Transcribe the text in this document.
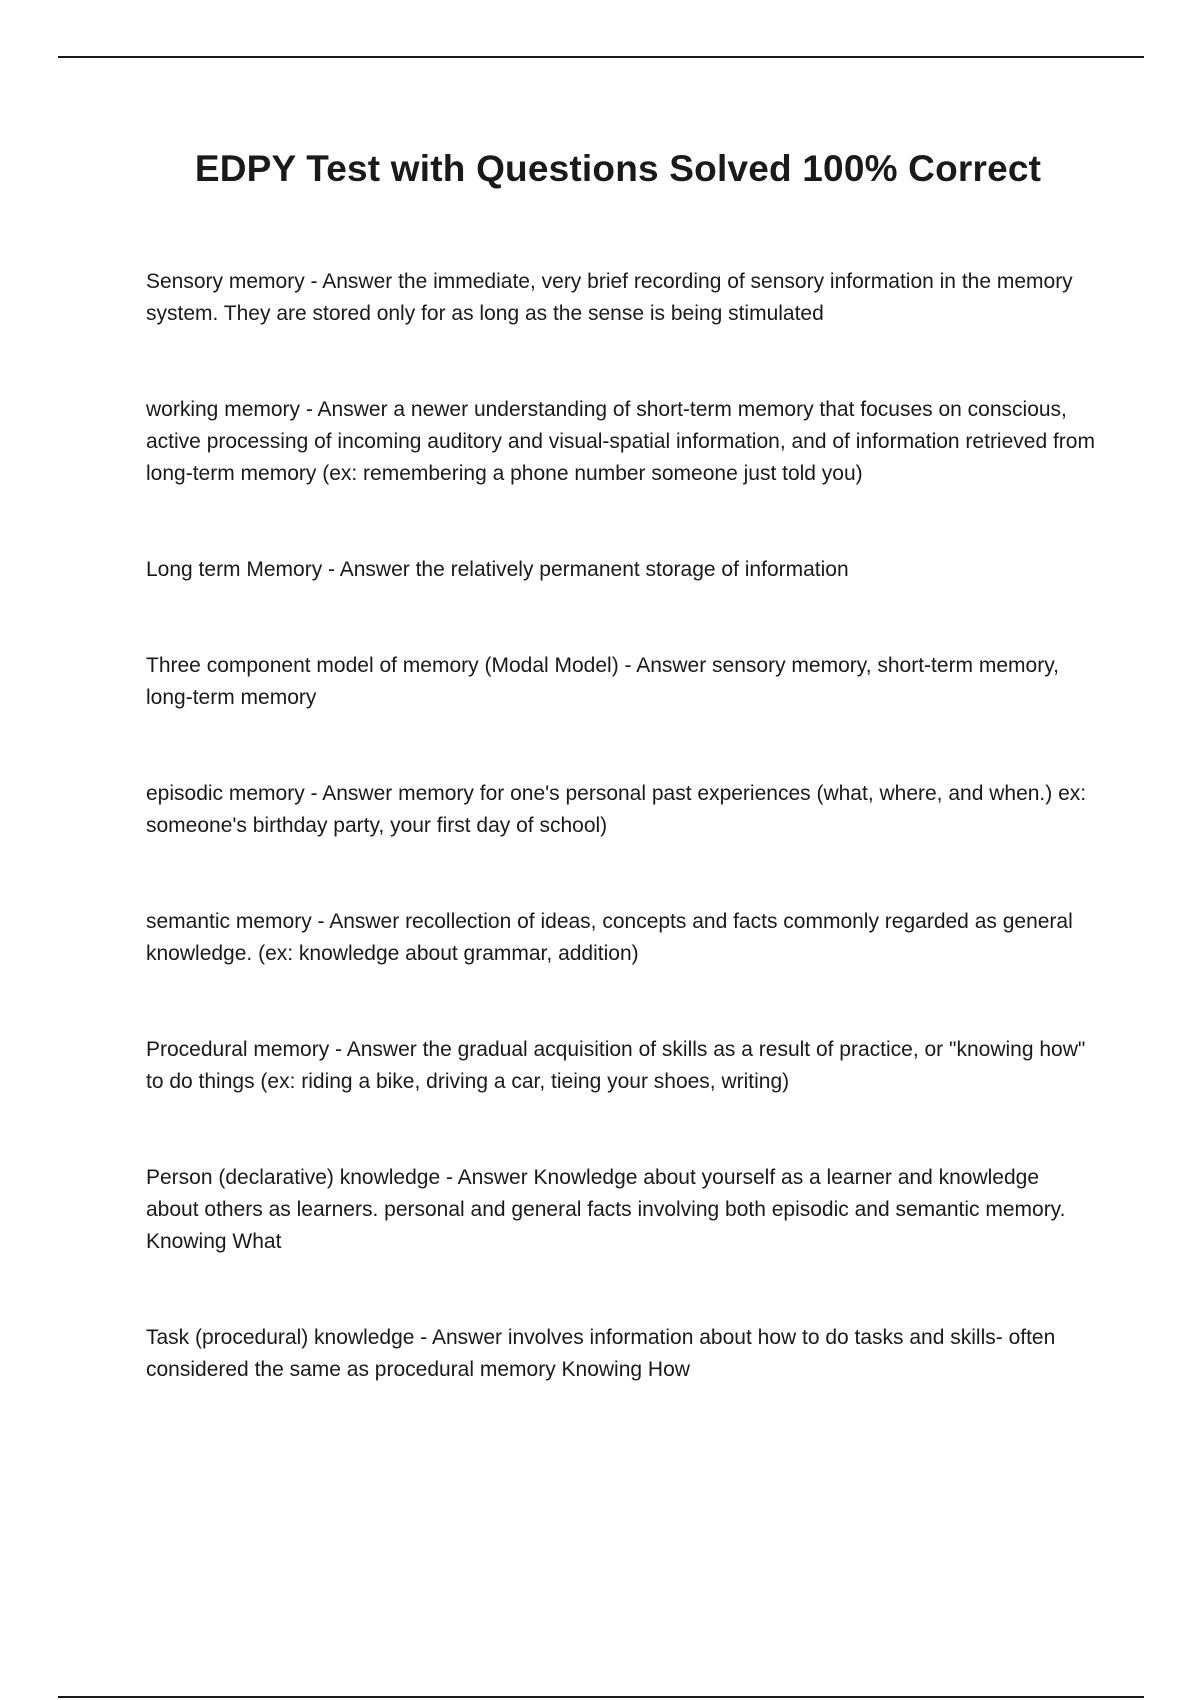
EDPY Test with Questions Solved 100% Correct
Sensory memory - Answer the immediate, very brief recording of sensory information in the memory system. They are stored only for as long as the sense is being stimulated
working memory - Answer a newer understanding of short-term memory that focuses on conscious, active processing of incoming auditory and visual-spatial information, and of information retrieved from long-term memory (ex: remembering a phone number someone just told you)
Long term Memory - Answer the relatively permanent storage of information
Three component model of memory (Modal Model) - Answer sensory memory, short-term memory, long-term memory
episodic memory - Answer memory for one's personal past experiences (what, where, and when.) ex: someone's birthday party, your first day of school)
semantic memory - Answer recollection of ideas, concepts and facts commonly regarded as general knowledge. (ex: knowledge about grammar, addition)
Procedural memory - Answer the gradual acquisition of skills as a result of practice, or "knowing how" to do things (ex: riding a bike, driving a car, tieing your shoes, writing)
Person (declarative) knowledge - Answer Knowledge about yourself as a learner and knowledge about others as learners. personal and general facts involving both episodic and semantic memory. Knowing What
Task (procedural) knowledge - Answer involves information about how to do tasks and skills- often considered the same as procedural memory Knowing How
